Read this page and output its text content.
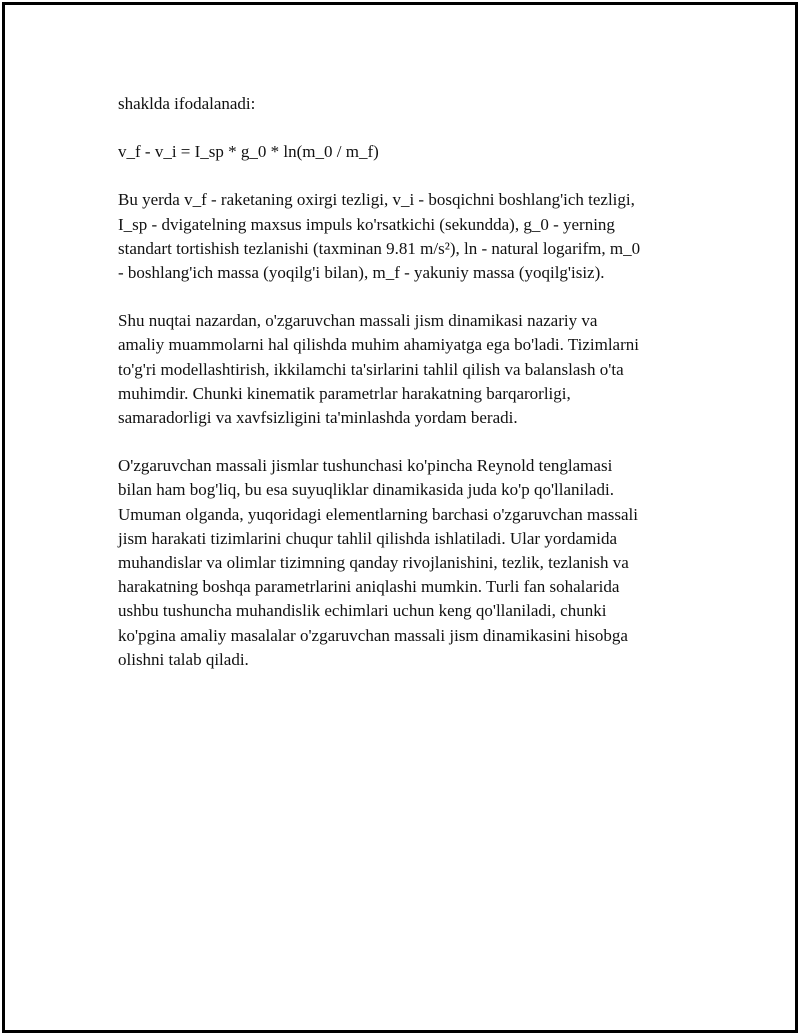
shaklda ifodalanadi:

v_f - v_i = I_sp * g_0 * ln(m_0 / m_f)

Bu yerda v_f - raketaning oxirgi tezligi, v_i - bosqichni boshlang'ich tezligi,
I_sp - dvigatelning maxsus impuls ko'rsatkichi (sekundda), g_0 - yerning
standart tortishish tezlanishi (taxminan 9.81 m/s²), ln - natural logarifm, m_0
- boshlang'ich massa (yoqilg'i bilan), m_f - yakuniy massa (yoqilg'isiz).

Shu nuqtai nazardan, o'zgaruvchan massali jism dinamikasi nazariy va
amaliy muammolarni hal qilishda muhim ahamiyatga ega bo'ladi. Tizimlarni
to'g'ri modellashtirish, ikkilamchi ta'sirlarini tahlil qilish va balanslash o'ta
muhimdir. Chunki kinematik parametrlar harakatning barqarorligi,
samaradorligi va xavfsizligini ta'minlashda yordam beradi.

O'zgaruvchan massali jismlar tushunchasi ko'pincha Reynold tenglamasi
bilan ham bog'liq, bu esa suyuqliklar dinamikasida juda ko'p qo'llaniladi.
Umuman olganda, yuqoridagi elementlarning barchasi o'zgaruvchan massali
jism harakati tizimlarini chuqur tahlil qilishda ishlatiladi. Ular yordamida
muhandislar va olimlar tizimning qanday rivojlanishini, tezlik, tezlanish va
harakatning boshqa parametrlarini aniqlashi mumkin. Turli fan sohalarida
ushbu tushuncha muhandislik echimlari uchun keng qo'llaniladi, chunki
ko'pgina amaliy masalalar o'zgaruvchan massali jism dinamikasini hisobga
olishni talab qiladi.
